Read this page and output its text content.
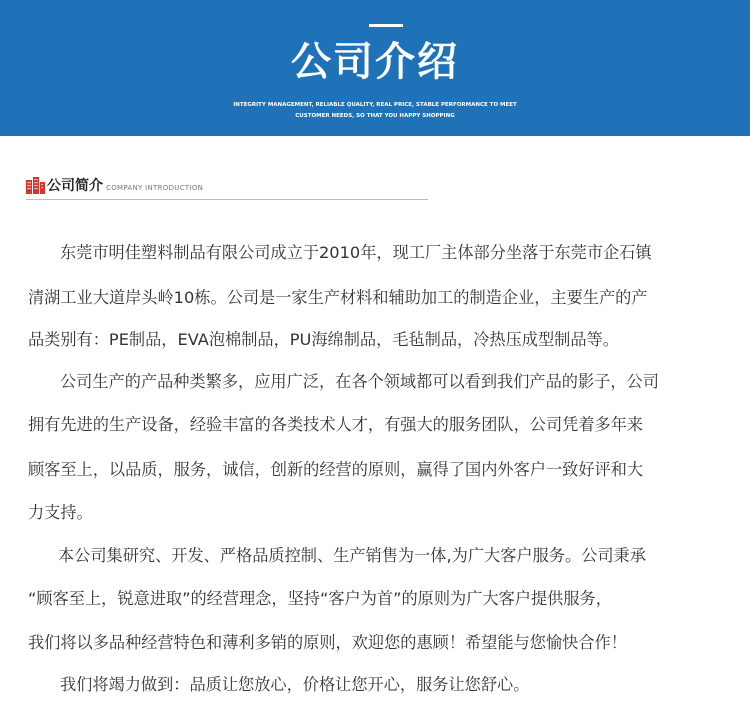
公司介绍
INTEGRITY MANAGEMENT, RELIABLE QUALITY, REAL PRICE, STABLE PERFORMANCE TO MEET
CUSTOMER NEEDS, SO THAT YOU HAPPY SHOPPING
公司简介 COMPANY INTRODUCTION
东莞市明佳塑料制品有限公司成立于2010年，现工厂主体部分坐落于东莞市企石镇
清湖工业大道岸头岭10栋。公司是一家生产材料和辅助加工的制造企业，主要生产的产
品类别有：PE制品，EVA泡棉制品，PU海绵制品，毛毡制品，冷热压成型制品等。
公司生产的产品种类繁多，应用广泛，在各个领域都可以看到我们产品的影子，公司
拥有先进的生产设备，经验丰富的各类技术人才，有强大的服务团队，公司凭着多年来
顾客至上，以品质，服务，诚信，创新的经营的原则，赢得了国内外客户一致好评和大
力支持。
本公司集研究、开发、严格品质控制、生产销售为一体,为广大客户服务。公司秉承
“顾客至上，锐意进取”的经营理念，坚持“客户为首”的原则为广大客户提供服务，
我们将以多品种经营特色和薄利多销的原则，欢迎您的惠顾！希望能与您愉快合作！
我们将竭力做到：品质让您放心，价格让您开心，服务让您舒心。
